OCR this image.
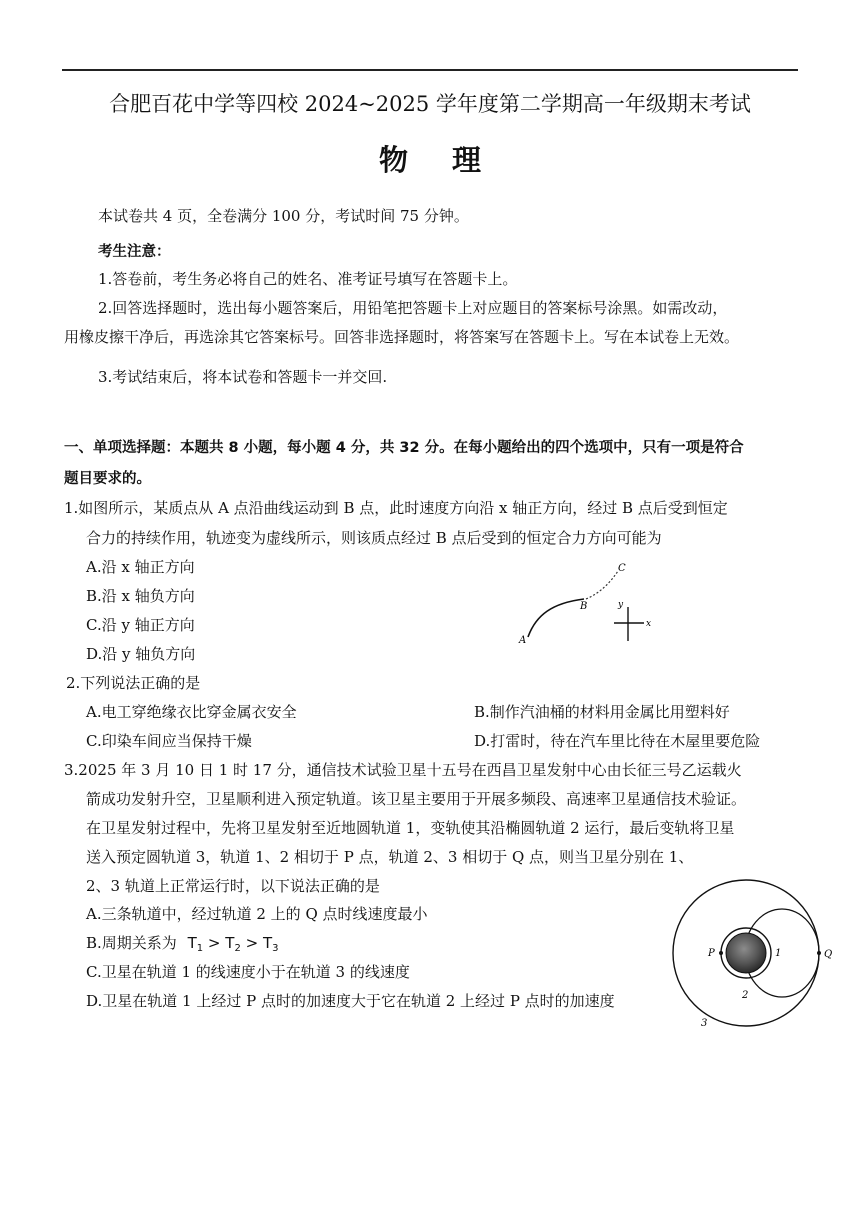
合肥百花中学等四校 2024~2025 学年度第二学期高一年级期末考试
物理
本试卷共 4 页，全卷满分 100 分，考试时间 75 分钟。
考生注意：
1.答卷前，考生务必将自己的姓名、准考证号填写在答题卡上。
2.回答选择题时，选出每小题答案后，用铅笔把答题卡上对应题目的答案标号涂黑。如需改动，
用橡皮擦干净后，再选涂其它答案标号。回答非选择题时，将答案写在答题卡上。写在本试卷上无效。
3.考试结束后，将本试卷和答题卡一并交回.
一、单项选择题：本题共 8 小题，每小题 4 分，共 32 分。在每小题给出的四个选项中，只有一项是符合
题目要求的。
1.如图所示，某质点从 A 点沿曲线运动到 B 点，此时速度方向沿 x 轴正方向，经过 B 点后受到恒定
合力的持续作用，轨迹变为虚线所示，则该质点经过 B 点后受到的恒定合力方向可能为
A.沿 x 轴正方向
B.沿 x 轴负方向
C.沿 y 轴正方向
D.沿 y 轴负方向
A
B
C
x
y
2.下列说法正确的是
A.电工穿绝缘衣比穿金属衣安全	B.制作汽油桶的材料用金属比用塑料好
C.印染车间应当保持干燥	D.打雷时，待在汽车里比待在木屋里要危险
3.2025 年 3 月 10 日 1 时 17 分，通信技术试验卫星十五号在西昌卫星发射中心由长征三号乙运载火
箭成功发射升空，卫星顺利进入预定轨道。该卫星主要用于开展多频段、高速率卫星通信技术验证。
在卫星发射过程中，先将卫星发射至近地圆轨道 1，变轨使其沿椭圆轨道 2 运行，最后变轨将卫星
送入预定圆轨道 3，轨道 1、2 相切于 P 点，轨道 2、3 相切于 Q 点，则当卫星分别在 1、
2、3 轨道上正常运行时，以下说法正确的是
A.三条轨道中，经过轨道 2 上的 Q 点时线速度最小
B.周期关系为 $T_1 > T_2 > T_3$
C.卫星在轨道 1 的线速度小于在轨道 3 的线速度
D.卫星在轨道 1 上经过 P 点时的加速度大于它在轨道 2 上经过 P 点时的加速度
P	Q
1
2
3
